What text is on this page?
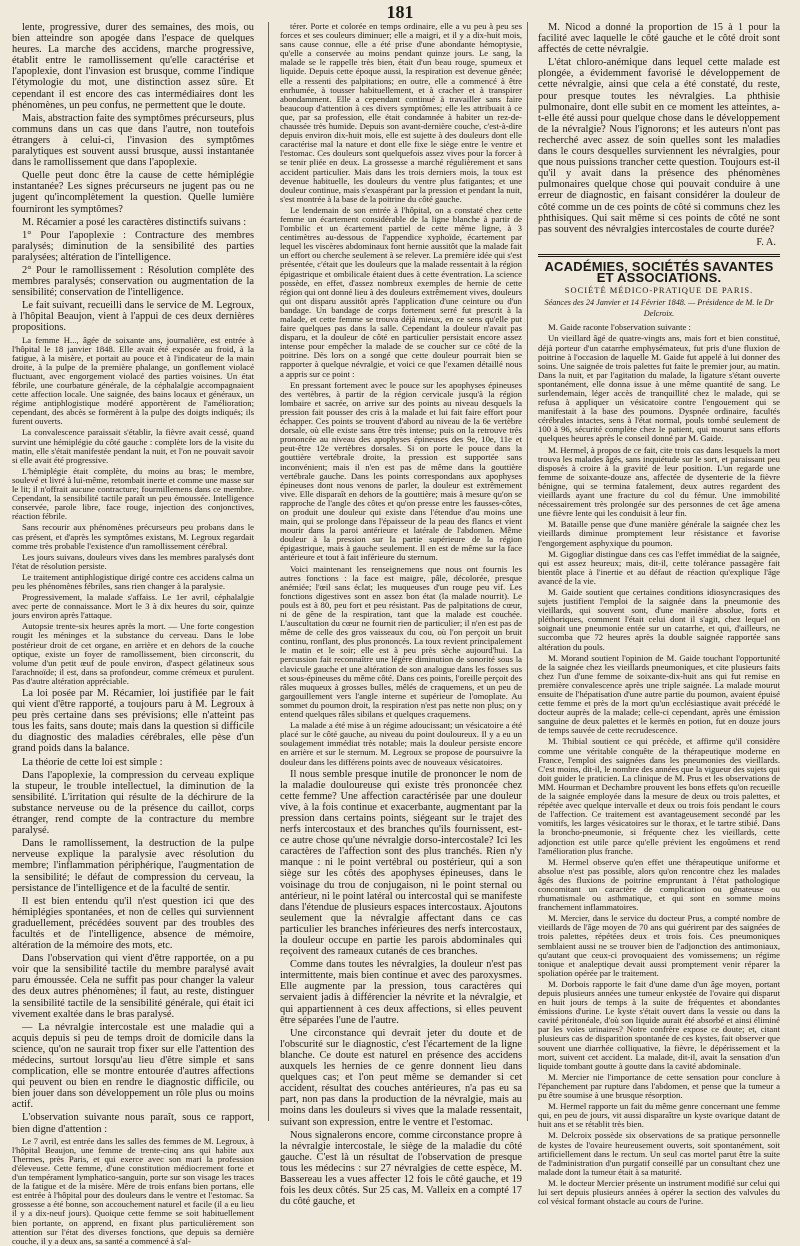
181

lente, progressive, durer des semaines, des mois, ou bien atteindre son apogée dans l'espace de quelques heures. La marche des accidens, marche progressive, établit entre le ramollissement qu'elle caractérise et l'apoplexie, dont l'invasion est brusque, comme l'indique l'étymologie du mot, une distinction assez sûre. Et cependant il est encore des cas intermédiaires dont les phénomènes, un peu confus, ne permettent que le doute.

Mais, abstraction faite des symptômes précurseurs, plus communs dans un cas que dans l'autre, non toutefois étrangers à celui-ci, l'invasion des symptômes paralytiques est souvent aussi brusque, aussi instantanée dans le ramollissement que dans l'apoplexie.

Quelle peut donc être la cause de cette hémiplégie instantanée? Les signes précurseurs ne jugent pas ou ne jugent qu'incomplètement la question. Quelle lumière fourniront les symptômes?

M. Récamier a posé les caractères distinctifs suivans :

1° Pour l'apoplexie : Contracture des membres paralysés; diminution de la sensibilité des parties paralysées; altération de l'intelligence.

2° Pour le ramollissement : Résolution complète des membres paralysés; conservation ou augmentation de la sensibilité; conservation de l'intelligence.

Le fait suivant, recueilli dans le service de M. Legroux, à l'hôpital Beaujon, vient à l'appui de ces deux dernières propositions.

La femme H..., âgée de soixante ans, journalière, est entrée à l'hôpital le 18 janvier 1848. Elle avait été exposée au froid, à la fatigue, à la misère, et portait au pouce et à l'indicateur de la main droite, à la pulpe de la première phalange, un gonflement violacé fluctuant, avec engorgement violacé des parties voisines. Un état fébrile, une courbature générale, de la céphalalgie accompagnaient cette affection locale. Une saignée, des bains locaux et généraux, un régime antiphlogistique modéré apportèrent de l'amélioration; cependant, des abcès se formèrent à la pulpe des doigts indiqués; ils furent ouverts.

La convalescence paraissait s'établir, la fièvre avait cessé, quand survint une hémiplégie du côté gauche : complète lors de la visite du matin, elle s'était manifestée pendant la nuit, et l'on ne pouvait savoir si elle avait été progressive.

L'hémiplégie était complète, du moins au bras; le membre, soulevé et livré à lui-même, retombait inerte et comme une masse sur le lit; il n'offrait aucune contracture; fourmillemens dans ce membre. Cependant, la sensibilité tactile paraît un peu émoussée. Intelligence conservée, parole libre, face rouge, injection des conjonctives, réaction fébrile.

Sans recourir aux phénomènes précurseurs peu probans dans le cas présent, et d'après les symptômes existans, M. Legroux regardait comme très probable l'existence d'un ramollissement cérébral.

Les jours suivans, douleurs vives dans les membres paralysés dont l'état de résolution persiste.

Le traitement antiphlogistique dirigé contre ces accidens calma un peu les phénomènes fébriles, sans rien changer à la paralysie.

Progressivement, la malade s'affaiss. Le 1er avril, céphalalgie avec perte de connaissance. Mort le 3 à dix heures du soir, quinze jours environ après l'attaque.

Autopsie trente-six heures après la mort. — Une forte congestion rougit les méninges et la substance du cerveau. Dans le lobe postérieur droit de cet organe, en arrière et en dehors de la couche optique, existe un foyer de ramollissement, bien circonscrit, du volume d'un petit œuf de poule environ, d'aspect gélatineux sous l'arachnoïde; il est, dans sa profondeur, comme crémeux et purulent. Pas d'autre altération appréciable.

La loi posée par M. Récamier, loi justifiée par le fait qui vient d'être rapporté, a toujours paru à M. Legroux à peu près certaine dans ses prévisions; elle n'atteint pas tous les faits, sans doute; mais dans la question si difficile du diagnostic des maladies cérébrales, elle pèse d'un grand poids dans la balance.

La théorie de cette loi est simple :

Dans l'apoplexie, la compression du cerveau explique la stupeur, le trouble intellectuel, la diminution de la sensibilité. L'irritation qui résulte de la déchirure de la substance nerveuse ou de la présence du caillot, corps étranger, rend compte de la contracture du membre paralysé.

Dans le ramollissement, la destruction de la pulpe nerveuse explique la paralysie avec résolution du membre; l'inflammation périphérique, l'augmentation de la sensibilité; le défaut de compression du cerveau, la persistance de l'intelligence et de la faculté de sentir.

Il est bien entendu qu'il n'est question ici que des hémiplégies spontanées, et non de celles qui surviennent graduellement, précédées souvent par des troubles des facultés et de l'intelligence, absence de mémoire, altération de la mémoire des mots, etc.

Dans l'observation qui vient d'être rapportée, on a pu voir que la sensibilité tactile du membre paralysé avait paru émoussée. Cela ne suffit pas pour changer la valeur des deux autres phénomènes; il faut, au reste, distinguer la sensibilité tactile de la sensibilité générale, qui était ici vivement exaltée dans le bras paralysé.

— La névralgie intercostale est une maladie qui a acquis depuis si peu de temps droit de domicile dans la science, qu'on ne saurait trop fixer sur elle l'attention des médecins, surtout lorsqu'au lieu d'être simple et sans complication, elle se montre entourée d'autres affections qui peuvent ou bien en rendre le diagnostic difficile, ou bien jouer dans son développement un rôle plus ou moins actif.

L'observation suivante nous paraît, sous ce rapport, bien digne d'attention :

Le 7 avril, est entrée dans les salles des femmes de M. Legroux, à l'hôpital Beaujon, une femme de trente-cinq ans qui habite aux Thermes, près Paris, et qui exerce avec son mari la profession d'éleveuse. Cette femme, d'une constitution médiocrement forte et d'un tempérament lymphatico-sanguin, porte sur son visage les traces de la fatigue et de la misère. Mère de trois enfans bien portans, elle est entrée à l'hôpital pour des douleurs dans le ventre et l'estomac. Sa grossesse a été bonne, son accouchement naturel et facile (il a eu lieu il y a dix-neuf jours). Quoique cette femme se soit habituellement bien portante, on apprend, en fixant plus particulièrement son attention sur l'état des diverses fonctions, que depuis sa dernière couche, il y a deux ans, sa santé a commencé à s'al-

térer. Porte et colorée en temps ordinaire, elle a vu peu à peu ses forces et ses couleurs diminuer; elle a maigri, et il y a dix-huit mois, sans cause connue, elle a été prise d'une abondante hémoptysie, qu'elle a conservée au moins pendant quinze jours. Le sang, la malade se le rappelle très bien, était d'un beau rouge, spumeux et liquide. Depuis cette époque aussi, la respiration est devenue gênée; elle a ressenti des palpitations; en outre, elle a commencé à être enrhumée, à tousser habituellement, et à cracher et à transpirer abondamment. Elle a cependant continué à travailler sans faire beaucoup d'attention à ces divers symptômes; elle les attribuait à ce que, par sa profession, elle était condamnée à habiter un rez-de-chaussée très humide. Depuis son avant-dernière couche, c'est-à-dire depuis environ dix-huit mois, elle est sujette à des douleurs dont elle caractérise mal la nature et dont elle fixe le siège entre le ventre et l'estomac. Ces douleurs sont quelquefois assez vives pour la forcer à se tenir pliée en deux. La grossesse a marché régulièrement et sans accident particulier. Mais dans les trois derniers mois, la toux est devenue habituelle, les douleurs du ventre plus fatigantes; et une douleur continue, mais s'exaspérant par la pression et pendant la nuit, s'est montrée à la base de la poitrine du côté gauche.

Le lendemain de son entrée à l'hôpital, on a constaté chez cette femme un écartement considérable de la ligne blanche à partir de l'ombilic et un écartement partiel de cette même ligne, à 3 centimètres au-dessous de l'appendice xyphoïde, écartement par lequel les viscères abdominaux font hernie aussitôt que la malade fait un effort ou cherche seulement à se relever. La première idée qui s'est présentée, c'était que les douleurs que la malade ressentait à la région épigastrique et ombilicale étaient dues à cette éventration. La science possède, en effet, d'assez nombreux exemples de hernie de cette région qui ont donné lieu à des douleurs extrêmement vives, douleurs qui ont disparu aussitôt après l'application d'une ceinture ou d'un bandage. Un bandage de corps fortement serré fut prescrit à la malade, et cette femme se trouva déjà mieux, en ce sens qu'elle put faire quelques pas dans la salle. Cependant la douleur n'avait pas disparu, et la douleur de côté en particulier persistait encore assez intense pour empêcher la malade de se coucher sur ce côté de la poitrine. Dès lors on a songé que cette douleur pourrait bien se rapporter à quelque névralgie, et voici ce que l'examen détaillé nous a appris sur ce point :

En pressant fortement avec le pouce sur les apophyses épineuses des vertèbres, à partir de la région cervicale jusqu'à la région lombaire et sacrée, on arrive sur des points au niveau desquels la pression fait pousser des cris à la malade et lui fait faire effort pour échapper. Ces points se trouvent d'abord au niveau de la 6e vertèbre dorsale, où elle existe sans être très intense; puis on la retrouve très prononcée au niveau des apophyses épineuses des 9e, 10e, 11e et peut-être 12e vertèbres dorsales. Si on porte le pouce dans la gouttière vertébrale droite, la pression est supportée sans inconvénient; mais il n'en est pas de même dans la gouttière vertébrale gauche. Dans les points correspondans aux apophyses épineuses dont nous venons de parler, la douleur est extrêmement vive. Elle disparaît en dehors de la gouttière; mais à mesure qu'on se rapproche de l'angle des côtes et qu'on presse entre les fausses-côtes, on produit une douleur qui existe dans l'étendue d'au moins une main, qui se prolonge dans l'épaisseur de la peau des flancs et vient mourir dans la paroi antérieure et latérale de l'abdomen. Même douleur à la pression sur la partie supérieure de la région épigastrique, mais à gauche seulement. Il en est de même sur la face antérieure et tout à fait inférieure du sternum.

Voici maintenant les renseignemens que nous ont fournis les autres fonctions : la face est maigre, pâle, décolorée, presque anémiée; l'œil sans éclat; les muqueuses d'un rouge peu vif. Les fonctions digestives sont en assez bon état (la malade nourrit). Le pouls est à 80, peu fort et peu résistant. Pas de palpitations de cœur, ni de gêne de la respiration, tant que la malade est couchée. L'auscultation du cœur ne fournit rien de particulier; il n'en est pas de même de celle des gros vaisseaux du cou, où l'on perçoit un bruit continu, ronflant, des plus prononcés. La toux revient principalement le matin et le soir; elle est à peu près sèche aujourd'hui. La percussion fait reconnaître une légère diminution de sonorité sous la clavicule gauche et une altération de son analogue dans les fosses sus et sous-épineuses du même côté. Dans ces points, l'oreille perçoit des râles muqueux à grosses bulles, mêlés de craquemens, et un peu de gargouillement vers l'angle interne et supérieur de l'omoplate. Au sommet du poumon droit, la respiration n'est pas nette non plus; on y entend quelques râles sibilans et quelques craquemens.

La malade a été mise à un régime adoucissant; un vésicatoire a été placé sur le côté gauche, au niveau du point douloureux. Il y a eu un soulagement immédiat très notable; mais la douleur persiste encore en arrière et sur le sternum. M. Legroux se propose de poursuivre la douleur dans les différens points avec de nouveaux vésicatoires.

Il nous semble presque inutile de prononcer le nom de la maladie douloureuse qui existe très prononcée chez cette femme? Une affection caractérisée par une douleur vive, à la fois continue et exacerbante, augmentant par la pression dans certains points, siégeant sur le trajet des nerfs intercostaux et des branches qu'ils fournissent, est-ce autre chose qu'une névralgie dorso-intercostale? Ici les caractères de l'affection sont des plus tranchés. Rien n'y manque : ni le point vertébral ou postérieur, qui a son siège sur les côtés des apophyses épineuses, dans le voisinage du trou de conjugaison, ni le point sternal ou antérieur, ni le point latéral ou intercostal qui se manifeste dans l'étendue de plusieurs espaces intercostaux. Ajoutons seulement que la névralgie affectant dans ce cas particulier les branches inférieures des nerfs intercostaux, la douleur occupe en partie les parois abdominales qui reçoivent des rameaux cutanés de ces branches.

Comme dans toutes les névralgies, la douleur n'est pas intermittente, mais bien continue et avec des paroxysmes. Elle augmente par la pression, tous caractères qui servaient jadis à différencier la névrite et la névralgie, et qui appartiennent à ces deux affections, si elles peuvent être séparées l'une de l'autre.

Une circonstance qui devrait jeter du doute et de l'obscurité sur le diagnostic, c'est l'écartement de la ligne blanche. Ce doute est naturel en présence des accidens auxquels les hernies de ce genre donnent lieu dans quelques cas; et l'on peut même se demander si cet accident, résultat des couches antérieures, n'a pas eu sa part, non pas dans la production de la névralgie, mais au moins dans les douleurs si vives que la malade ressentait, suivant son expression, entre le ventre et l'estomac.

Nous signalerons encore, comme circonstance propre à la névralgie intercostale, le siège de la maladie du côté gauche. C'est là un résultat de l'observation de presque tous les médecins : sur 27 névralgies de cette espèce, M. Bassereau les a vues affecter 12 fois le côté gauche, et 19 fois les deux côtés. Sur 25 cas, M. Valleix en a compté 17 du côté gauche, et

M. Nicod a donné la proportion de 15 à 1 pour la facilité avec laquelle le côté gauche et le côté droit sont affectés de cette névralgie.

L'état chloro-anémique dans lequel cette malade est plongée, a évidemment favorisé le développement de cette névralgie, ainsi que cela a été constaté, du reste, pour presque toutes les névralgies. La phthisie pulmonaire, dont elle subit en ce moment les atteintes, a-t-elle été aussi pour quelque chose dans le développement de la névralgie? Nous l'ignorons; et les auteurs n'ont pas recherché avec assez de soin quelles sont les maladies dans le cours desquelles surviennent les névralgies, pour que nous puissions trancher cette question. Toujours est-il qu'il y avait dans la présence des phénomènes pulmonaires quelque chose qui pouvait conduire à une erreur de diagnostic, en faisant considérer la douleur de côté comme un de ces points de côté si communs chez les phthisiques. Qui sait même si ces points de côté ne sont pas souvent des névralgies intercostales de courte durée?

F. A.
ACADÉMIES, SOCIÉTÉS SAVANTES ET ASSOCIATIONS.
SOCIÉTÉ MÉDICO-PRATIQUE DE PARIS.
Séances des 24 Janvier et 14 Février 1848. — Présidence de M. le Dr Delcroix.

M. Gaide raconte l'observation suivante :

Un vieillard âgé de quatre-vingts ans, mais fort et bien constitué, déjà porteur d'un catarrhe emphysémateux, fut pris d'une fluxion de poitrine à l'occasion de laquelle M. Gaide fut appelé à lui donner des soins. Une saignée de trois palettes fut faite le premier jour, au matin. Dans la nuit, et par l'agitation du malade, la ligature s'étant ouverte spontanément, elle donna issue à une même quantité de sang. Le surlendemain, léger accès de tranquillité chez le malade, qui se refusa à appliquer un vésicatoire contre l'engouement qui se manifestait à la base des poumons. Dyspnée ordinaire, facultés cérébrales intactes, sens à l'état normal, pouls tombé seulement de 100 à 96, sécurité complète chez le patient, qui mourut sans efforts quelques heures après le conseil donné par M. Gaide.

M. Hermel, à propos de ce fait, cite trois cas dans lesquels la mort trouva les malades âgés, sans inquiétude sur le sort, et paraissant peu disposés à croire à la gravité de leur position. L'un regarde une femme de soixante-douze ans, affectée de dysenterie de la fièvre bénigne, qui se termina fatalement, deux autres regardent des vieillards ayant une fracture du col du fémur. Une immobilité nécessairement très prolongée sur des personnes de cet âge amena une fièvre lente qui les conduisit à leur fin.

M. Bataille pense que d'une manière générale la saignée chez les vieillards diminue promptement leur résistance et favorise l'engorgement asphyxique du poumon.

M. Gigogliar distingue dans ces cas l'effet immédiat de la saignée, qui est assez heureux; mais, dit-il, cette tolérance passagère fait bientôt place à l'inertie et au défaut de réaction qu'explique l'âge avancé de la vie.

M. Gaide soutient que certaines conditions idiosyncrasiques des sujets justifient l'emploi de la saignée dans la pneumonie des vieillards, qui souvent sont, d'une manière absolue, forts et pléthoriques, comment l'était celui dont il s'agit, chez lequel on soignait une pneumonie entée sur un catarrhe, et qui, d'ailleurs, ne succomba que 72 heures après la double saignée rapportée sans altération du pouls.

M. Morand soutient l'opinion de M. Gaide touchant l'opportunité de la saignée chez les vieillards pneumoniques, et cite plusieurs faits chez l'un d'une femme de soixante-dix-huit ans qui fut remise en première convalescence après une triple saignée. La malade mourut ensuite de l'hépatisation d'une autre partie du poumon, avaient épuisé cette femme et près de la mort qu'un ecclésiastique avait précédé le docteur auprès de la malade; celle-ci cependant, après une émission sanguine de deux palettes et le kermès en potion, fut en douze jours de temps sauvée de cette recrudescence.

M. Thibial soutient ce qui précède, et affirme qu'il considère comme une véritable conquête de la thérapeutique moderne en France, l'emploi des saignées dans les pneumonies des vieillards. C'est moins, dit-il, le nombre des années que la vigueur des sujets qui doit guider le praticien. La clinique de M. Prus et les observations de MM. Hourman et Dechambre prouvent les bons effets qu'on recueille de la saignée employée dans la mesure de deux ou trois palettes, et répétée avec quelque intervalle et deux ou trois fois pendant le cours de l'affection. Ce traitement est avantageusement secondé par les vomitifs, les larges vésicatoires sur le thorax, et le tartre stibié. Dans la broncho-pneumonie, si fréquente chez les vieillards, cette adjonction est utile parce qu'elle prévient les engoûmens et rend l'amélioration plus franche.

M. Hermel observe qu'en effet une thérapeutique uniforme et absolue n'est pas possible, alors qu'on rencontre chez les malades âgés des fluxions de poitrine empruntant à l'état pathologique concomitant un caractère de complication ou gênateuse ou rhumatismale ou asthmatique, et qui sont en somme moins franchement inflammatoires.

M. Mercier, dans le service du docteur Prus, a compté nombre de vieillards de l'âge moyen de 70 ans qui guérirent par des saignées de trois palettes, répétées deux et trois fois. Ces pneumoniques semblaient aussi ne se trouver bien de l'adjonction des antimoniaux, qu'autant que ceux-ci provoquaient des vomissemens; un régime tonique et analeptique devait aussi promptement venir réparer la spoliation opérée par le traitement.

M. Dorbois rapporte le fait d'une dame d'un âge moyen, portant depuis plusieurs années une tumeur enkystée de l'ovaire qui disparut en huit jours de temps à la suite de fréquentes et abondantes émissions d'urine. Le kyste s'était ouvert dans la vessie ou dans la cavité péritonéale, d'où son liquide aurait été absorbé et ainsi éliminé par les voies urinaires? Notre confrère expose ce doute; et, citant plusieurs cas de disparition spontanée de ces kystes, fait observer que souvent une diarrhée colliquative, la fièvre, le dépérissement et la mort, suivent cet accident. La malade, dit-il, avait la sensation d'un liquide tombant goutte à goutte dans la cavité abdominale.

M. Mercier nie l'importance de cette sensation pour conclure à l'épanchement par rupture dans l'abdomen, et pense que la tumeur a pu être soumise à une brusque résorption.

M. Hermel rapporte un fait du même genre concernant une femme qui, en peu de jours, vit aussi disparaître un kyste ovarique datant de huit ans et se rétablit très bien.

M. Delcroix possède six observations de sa pratique personnelle de kystes de l'ovaire heureusement ouverts, soit spontanément, soit artificiellement dans le rectum. Un seul cas mortel parut être la suite de l'administration d'un purgatif conseillé par un consultant chez une malade dont la tumeur était à sa maturité.

M. le docteur Mercier présente un instrument modifié sur celui qui lui sert depuis plusieurs années à opérer la section des valvules du col vésical formant obstacle au cours de l'urine.
